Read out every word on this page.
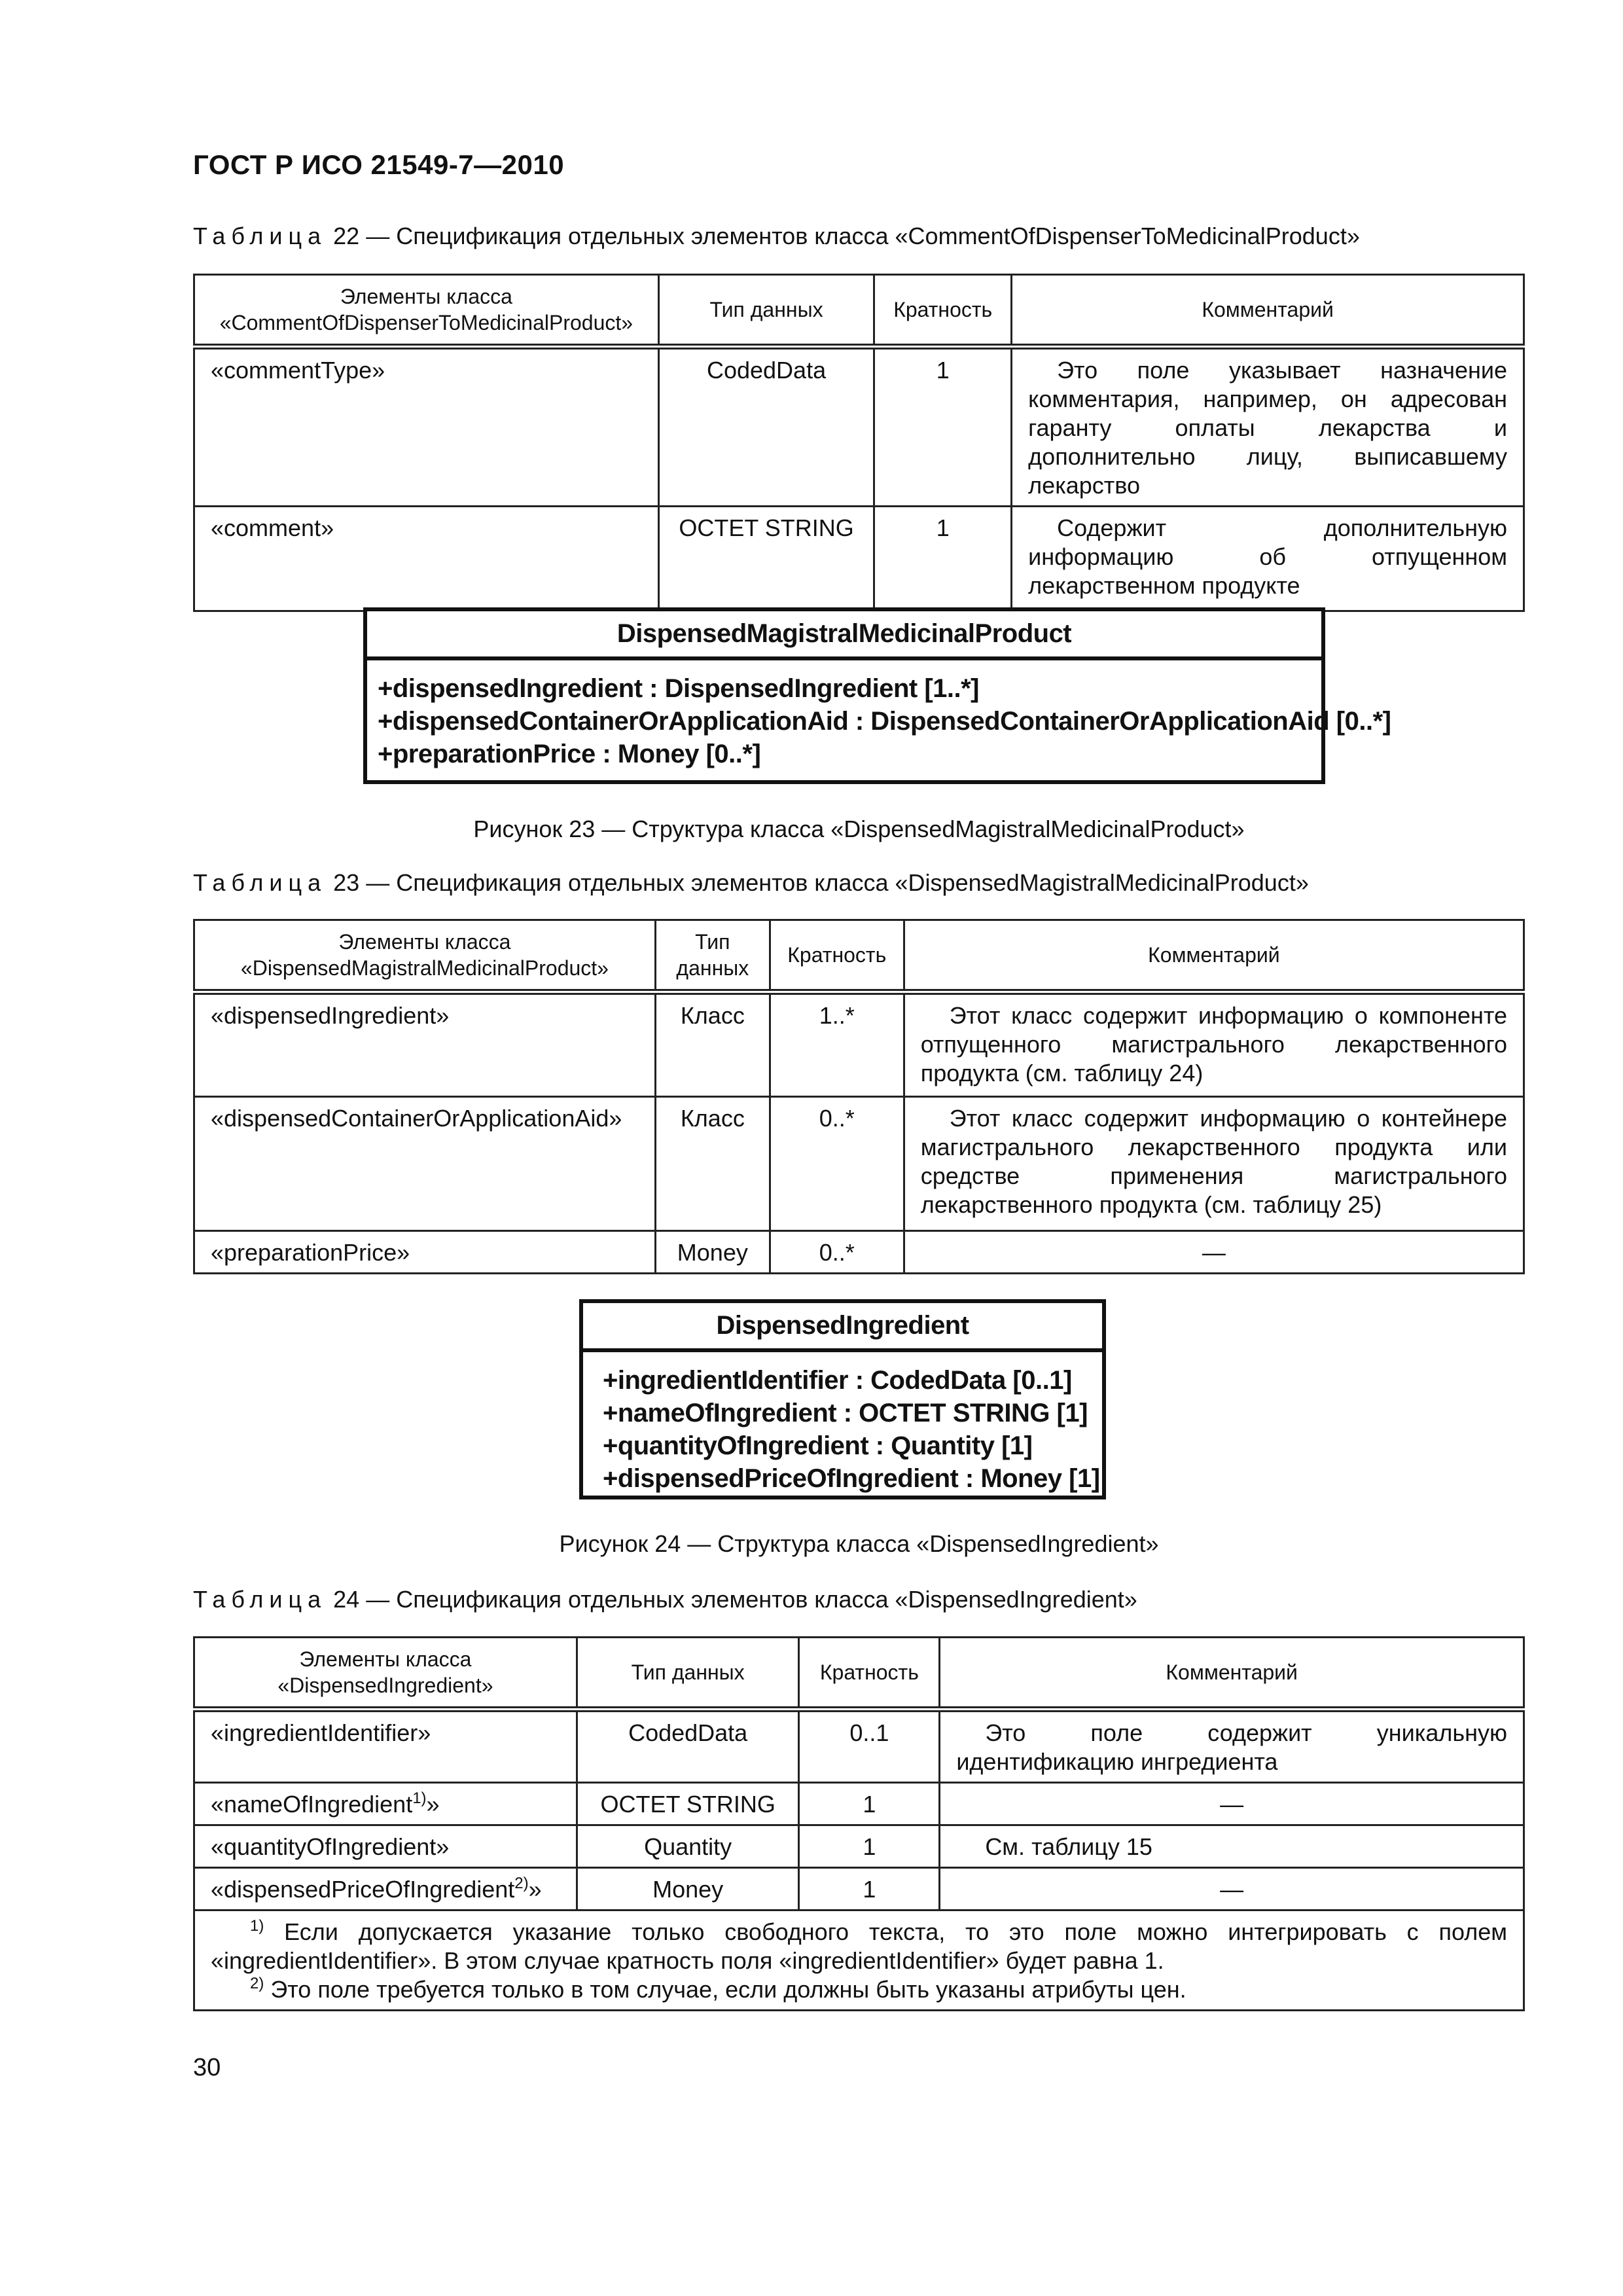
ГОСТ Р ИСО 21549-7—2010
Таблица 22 — Спецификация отдельных элементов класса «CommentOfDispenserToMedicinalProduct»
Элементы класса «CommentOfDispenserToMedicinalProduct»	Тип данных	Кратность	Комментарий
«commentType»	CodedData	1	Это поле указывает назначение комментария, например, он адресован гаранту оплаты лекарства и дополнительно лицу, выписавшему лекарство
«comment»	OCTET STRING	1	Содержит дополнительную информацию об отпущенном лекарственном продукте
DispensedMagistralMedicinalProduct
+dispensedIngredient : DispensedIngredient [1..*]
+dispensedContainerOrApplicationAid : DispensedContainerOrApplicationAid [0..*]
+preparationPrice : Money [0..*]
Рисунок 23 — Структура класса «DispensedMagistralMedicinalProduct»
Таблица 23 — Спецификация отдельных элементов класса «DispensedMagistralMedicinalProduct»
Элементы класса «DispensedMagistralMedicinalProduct»	Тип данных	Кратность	Комментарий
«dispensedIngredient»	Класс	1..*	Этот класс содержит информацию о компоненте отпущенного магистрального лекарственного продукта (см. таблицу 24)
«dispensedContainerOrApplicationAid»	Класс	0..*	Этот класс содержит информацию о контейнере магистрального лекарственного продукта или средстве применения магистрального лекарственного продукта (см. таблицу 25)
«preparationPrice»	Money	0..*	—
DispensedIngredient
+ingredientIdentifier : CodedData [0..1]
+nameOfIngredient : OCTET STRING [1]
+quantityOfIngredient : Quantity [1]
+dispensedPriceOfIngredient : Money [1]
Рисунок 24 — Структура класса «DispensedIngredient»
Таблица 24 — Спецификация отдельных элементов класса «DispensedIngredient»
Элементы класса «DispensedIngredient»	Тип данных	Кратность	Комментарий
«ingredientIdentifier»	CodedData	0..1	Это поле содержит уникальную идентификацию ингредиента
«nameOfIngredient$^{1)}$»	OCTET STRING	1	—
«quantityOfIngredient»	Quantity	1	См. таблицу 15
«dispensedPriceOfIngredient$^{2)}$»	Money	1	—

$^{1)}$ Если допускается указание только свободного текста, то это поле можно интегрировать с полем «ingredientIdentifier». В этом случае кратность поля «ingredientIdentifier» будет равна 1.
$^{2)}$ Это поле требуется только в том случае, если должны быть указаны атрибуты цен.			
30
